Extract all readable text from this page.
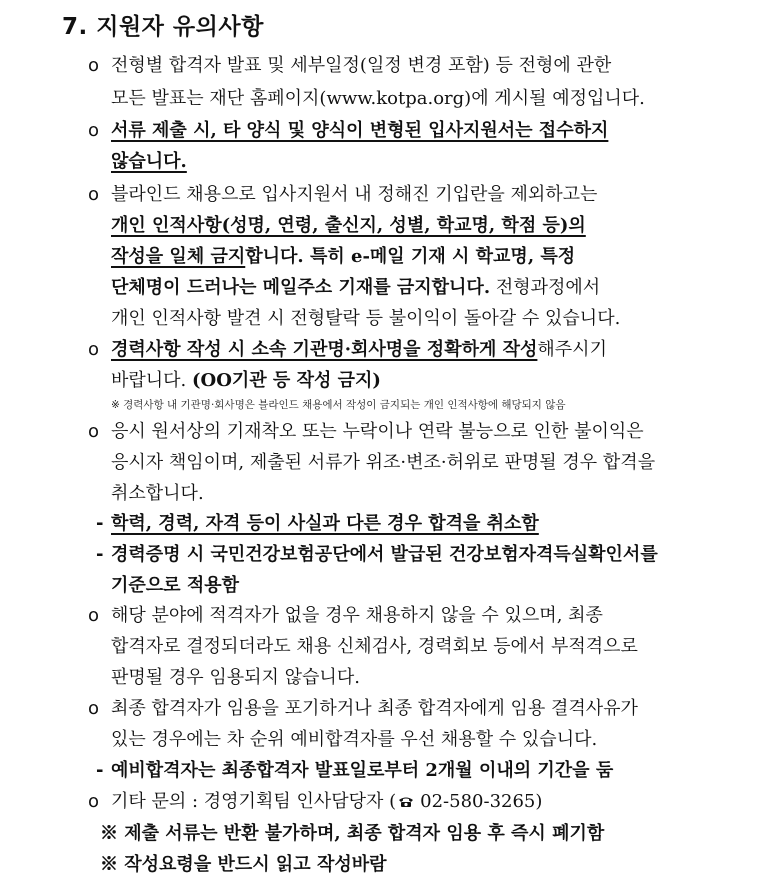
7. 지원자 유의사항
o 전형별 합격자 발표 및 세부일정(일정 변경 포함) 등 전형에 관한
모든 발표는 재단 홈페이지(www.kotpa.org)에 게시될 예정입니다.
o 서류 제출 시, 타 양식 및 양식이 변형된 입사지원서는 접수하지
않습니다.
o 블라인드 채용으로 입사지원서 내 정해진 기입란을 제외하고는
개인 인적사항(성명, 연령, 출신지, 성별, 학교명, 학점 등)의
작성을 일체 금지합니다. 특히 e-메일 기재 시 학교명, 특정
단체명이 드러나는 메일주소 기재를 금지합니다. 전형과정에서
개인 인적사항 발견 시 전형탈락 등 불이익이 돌아갈 수 있습니다.
o 경력사항 작성 시 소속 기관명·회사명을 정확하게 작성해주시기
바랍니다. (OO기관 등 작성 금지)
※ 경력사항 내 기관명·회사명은 블라인드 채용에서 작성이 금지되는 개인 인적사항에 해당되지 않음
o 응시 원서상의 기재착오 또는 누락이나 연락 불능으로 인한 불이익은
응시자 책임이며, 제출된 서류가 위조·변조·허위로 판명될 경우 합격을
취소합니다.
- 학력, 경력, 자격 등이 사실과 다른 경우 합격을 취소함
- 경력증명 시 국민건강보험공단에서 발급된 건강보험자격득실확인서를
기준으로 적용함
o 해당 분야에 적격자가 없을 경우 채용하지 않을 수 있으며, 최종
합격자로 결정되더라도 채용 신체검사, 경력회보 등에서 부적격으로
판명될 경우 임용되지 않습니다.
o 최종 합격자가 임용을 포기하거나 최종 합격자에게 임용 결격사유가
있는 경우에는 차 순위 예비합격자를 우선 채용할 수 있습니다.
- 예비합격자는 최종합격자 발표일로부터 2개월 이내의 기간을 둠
o 기타 문의 : 경영기획팀 인사담당자 ( 02-580-3265)
※ 제출 서류는 반환 불가하며, 최종 합격자 임용 후 즉시 폐기함
※ 작성요령을 반드시 읽고 작성바람
